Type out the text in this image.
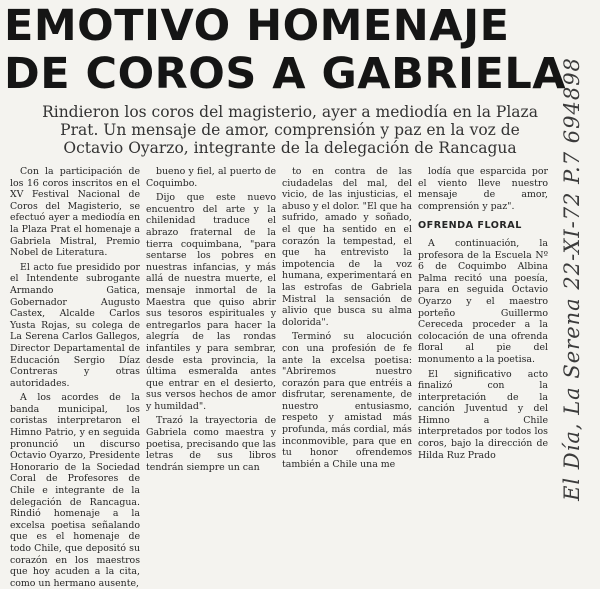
EMOTIVO HOMENAJE
DE COROS A GABRIELA
Rindieron los coros del magisterio, ayer a mediodía en la Plaza Prat. Un mensaje de amor, comprensión y paz en la voz de Octavio Oyarzo, integrante de la delegación de Rancagua

Con la participación de los 16 coros inscritos en el XV Festival Nacional de Coros del Magisterio, se efectuó ayer a mediodía en la Plaza Prat el homenaje a Gabriela Mistral, Premio Nobel de Literatura.

El acto fue presidido por el Intendente subrogante Armando Gatica, Gobernador Augusto Castex, Alcalde Carlos Yusta Rojas, su colega de La Serena Carlos Gallegos, Director Departamental de Educación Sergio Díaz Contreras y otras autoridades.

A los acordes de la banda municipal, los coristas interpretaron el Himno Patrio, y en seguida pronunció un discurso Octavio Oyarzo, Presidente Honorario de la Sociedad Coral de Profesores de Chile e integrante de la delegación de Rancagua. Rindió homenaje a la excelsa poetisa señalando que es el homenaje de todo Chile, que depositó su corazón en los maestros que hoy acuden a la cita, como un hermano ausente,

bueno y fiel, al puerto de Coquimbo.

Dijo que este nuevo encuentro del arte y la chilenidad traduce el abrazo fraternal de la tierra coquimbana, "para sentarse los pobres en nuestras infancias, y más allá de nuestra muerte, el mensaje inmortal de la Maestra que quiso abrir sus tesoros espirituales y entregarlos para hacer la alegría de las rondas infantiles y para sembrar, desde esta provincia, la última esmeralda antes que entrar en el desierto, sus versos hechos de amor y humildad".

Trazó la trayectoria de Gabriela como maestra y poetisa, precisando que las letras de sus libros tendrán siempre un can

to en contra de las ciudadelas del mal, del vicio, de las injusticias, el abuso y el dolor. "El que ha sufrido, amado y soñado, el que ha sentido en el corazón la tempestad, el que ha entrevisto la impotencia de la voz humana, experimentará en las estrofas de Gabriela Mistral la sensación de alivio que busca su alma dolorida".

Terminó su alocución con una profesión de fe ante la excelsa poetisa: "Abriremos nuestro corazón para que entréis a disfrutar, serenamente, de nuestro entusiasmo, respeto y amistad más profunda, más cordial, más inconmovible, para que en tu honor ofrendemos también a Chile una me

lodía que esparcida por el viento lleve nuestro mensaje de amor, comprensión y paz".

OFRENDA FLORAL

A continuación, la profesora de la Escuela Nº 6 de Coquimbo Albina Palma recitó una poesía, para en seguida Octavio Oyarzo y el maestro porteño Guillermo Cereceda proceder a la colocación de una ofrenda floral al pie del monumento a la poetisa.

El significativo acto finalizó con la interpretación de la canción Juventud y del Himno a Chile interpretados por todos los coros, bajo la dirección de Hilda Ruz Prado	El Día, La Serena 22-XI-72 P.7 694898
